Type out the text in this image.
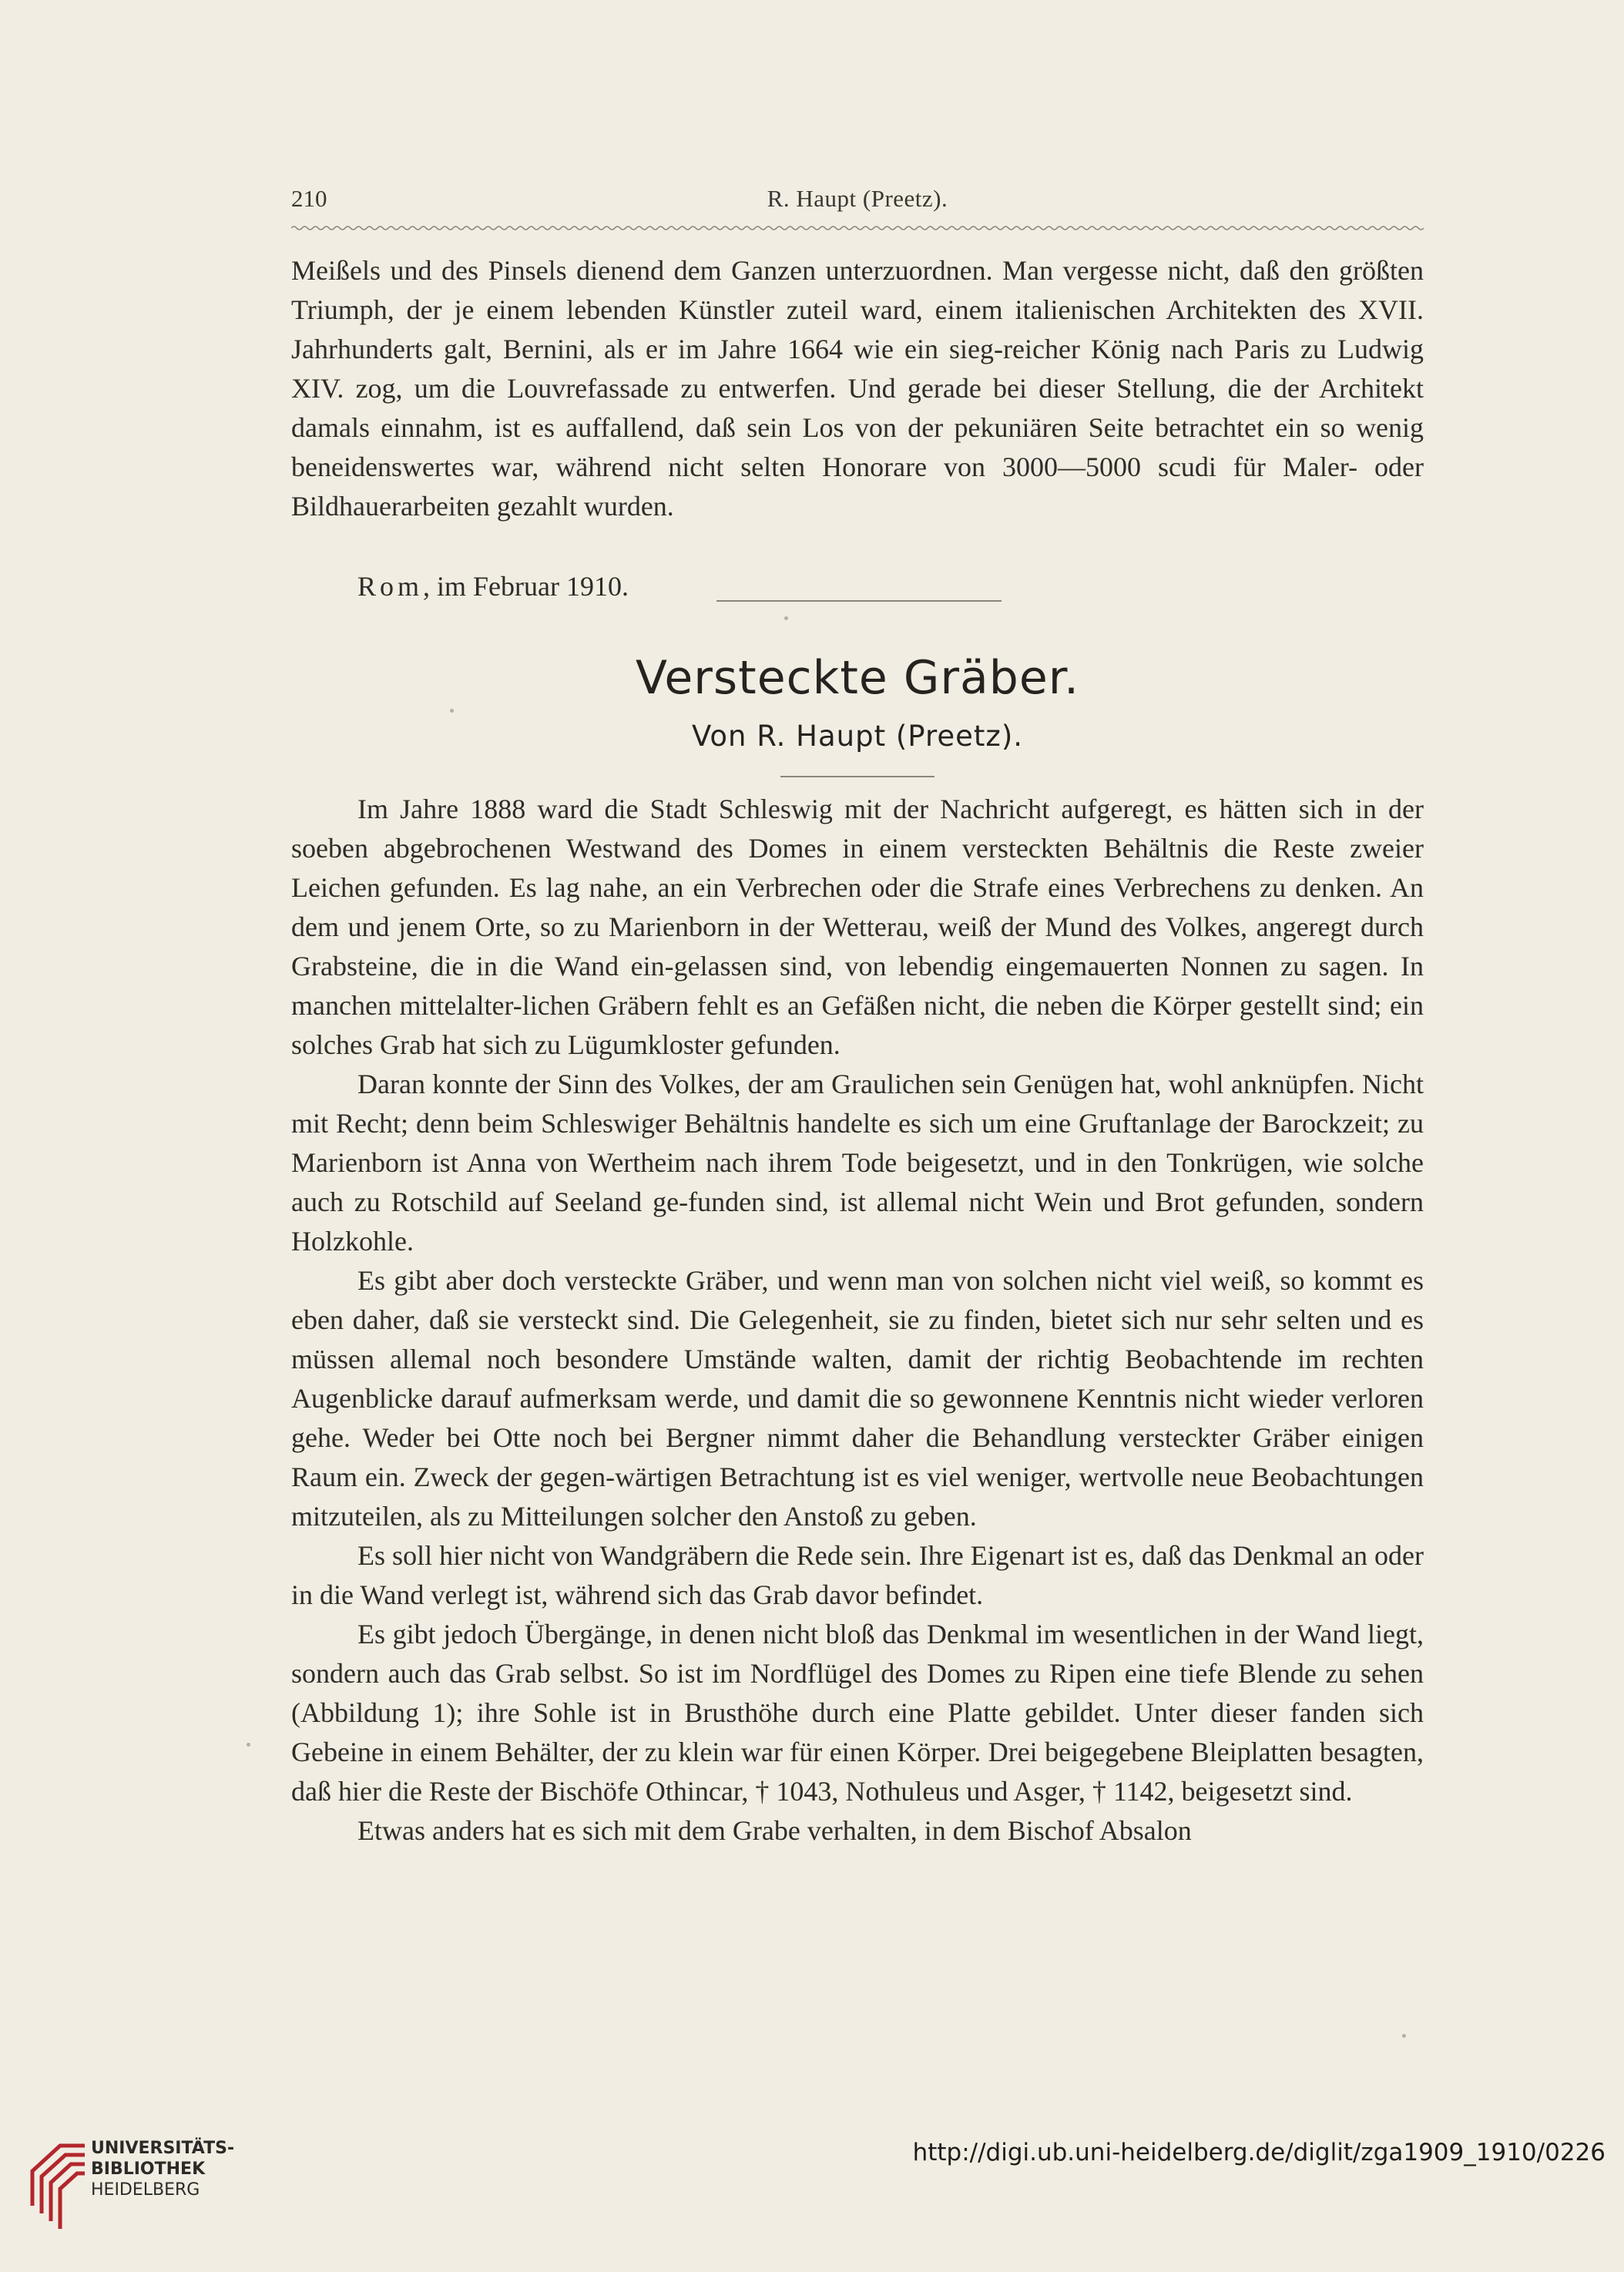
210	R. Haupt (Preetz).

Meißels und des Pinsels dienend dem Ganzen unterzuordnen. Man vergesse nicht, daß den größten Triumph, der je einem lebenden Künstler zuteil ward, einem italienischen Architekten des XVII. Jahrhunderts galt, Bernini, als er im Jahre 1664 wie ein sieg-reicher König nach Paris zu Ludwig XIV. zog, um die Louvrefassade zu entwerfen. Und gerade bei dieser Stellung, die der Architekt damals einnahm, ist es auffallend, daß sein Los von der pekuniären Seite betrachtet ein so wenig beneidenswertes war, während nicht selten Honorare von 3000—5000 scudi für Maler- oder Bildhauerarbeiten gezahlt wurden.

Rom, im Februar 1910.
Versteckte Gräber.
Von R. Haupt (Preetz).

Im Jahre 1888 ward die Stadt Schleswig mit der Nachricht aufgeregt, es hätten sich in der soeben abgebrochenen Westwand des Domes in einem versteckten Behältnis die Reste zweier Leichen gefunden. Es lag nahe, an ein Verbrechen oder die Strafe eines Verbrechens zu denken. An dem und jenem Orte, so zu Marienborn in der Wetterau, weiß der Mund des Volkes, angeregt durch Grabsteine, die in die Wand ein-gelassen sind, von lebendig eingemauerten Nonnen zu sagen. In manchen mittelalter-lichen Gräbern fehlt es an Gefäßen nicht, die neben die Körper gestellt sind; ein solches Grab hat sich zu Lügumkloster gefunden.

Daran konnte der Sinn des Volkes, der am Graulichen sein Genügen hat, wohl anknüpfen. Nicht mit Recht; denn beim Schleswiger Behältnis handelte es sich um eine Gruftanlage der Barockzeit; zu Marienborn ist Anna von Wertheim nach ihrem Tode beigesetzt, und in den Tonkrügen, wie solche auch zu Rotschild auf Seeland ge-funden sind, ist allemal nicht Wein und Brot gefunden, sondern Holzkohle.

Es gibt aber doch versteckte Gräber, und wenn man von solchen nicht viel weiß, so kommt es eben daher, daß sie versteckt sind. Die Gelegenheit, sie zu finden, bietet sich nur sehr selten und es müssen allemal noch besondere Umstände walten, damit der richtig Beobachtende im rechten Augenblicke darauf aufmerksam werde, und damit die so gewonnene Kenntnis nicht wieder verloren gehe. Weder bei Otte noch bei Bergner nimmt daher die Behandlung versteckter Gräber einigen Raum ein. Zweck der gegen-wärtigen Betrachtung ist es viel weniger, wertvolle neue Beobachtungen mitzuteilen, als zu Mitteilungen solcher den Anstoß zu geben.

Es soll hier nicht von Wandgräbern die Rede sein. Ihre Eigenart ist es, daß das Denkmal an oder in die Wand verlegt ist, während sich das Grab davor befindet.

Es gibt jedoch Übergänge, in denen nicht bloß das Denkmal im wesentlichen in der Wand liegt, sondern auch das Grab selbst. So ist im Nordflügel des Domes zu Ripen eine tiefe Blende zu sehen (Abbildung 1); ihre Sohle ist in Brusthöhe durch eine Platte gebildet. Unter dieser fanden sich Gebeine in einem Behälter, der zu klein war für einen Körper. Drei beigegebene Bleiplatten besagten, daß hier die Reste der Bischöfe Othincar, † 1043, Nothuleus und Asger, † 1142, beigesetzt sind.

Etwas anders hat es sich mit dem Grabe verhalten, in dem Bischof Absalon

UNIVERSITÄTS-
BIBLIOTHEK
HEIDELBERG
http://digi.ub.uni-heidelberg.de/diglit/zga1909_1910/0226
